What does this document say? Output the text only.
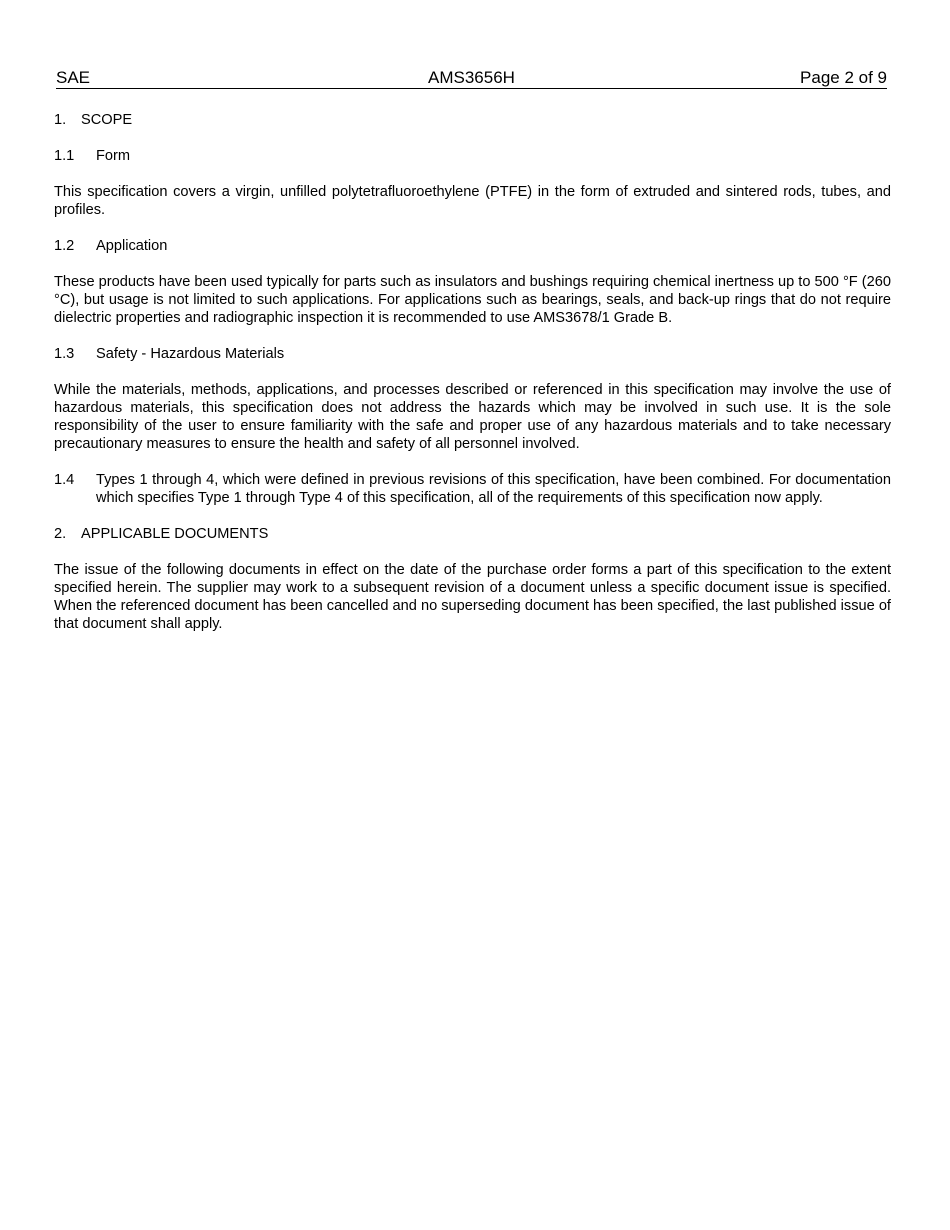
SAE	AMS3656H	Page 2 of 9
1. SCOPE
1.1 Form

This specification covers a virgin, unfilled polytetrafluoroethylene (PTFE) in the form of extruded and sintered rods, tubes, and profiles.

1.2 Application

These products have been used typically for parts such as insulators and bushings requiring chemical inertness up to 500 °F (260 °C), but usage is not limited to such applications. For applications such as bearings, seals, and back-up rings that do not require dielectric properties and radiographic inspection it is recommended to use AMS3678/1 Grade B.

1.3 Safety - Hazardous Materials

While the materials, methods, applications, and processes described or referenced in this specification may involve the use of hazardous materials, this specification does not address the hazards which may be involved in such use. It is the sole responsibility of the user to ensure familiarity with the safe and proper use of any hazardous materials and to take necessary precautionary measures to ensure the health and safety of all personnel involved.

1.4 Types 1 through 4, which were defined in previous revisions of this specification, have been combined. For documentation which specifies Type 1 through Type 4 of this specification, all of the requirements of this specification now apply.
2. APPLICABLE DOCUMENTS

The issue of the following documents in effect on the date of the purchase order forms a part of this specification to the extent specified herein. The supplier may work to a subsequent revision of a document unless a specific document issue is specified. When the referenced document has been cancelled and no superseding document has been specified, the last published issue of that document shall apply.
